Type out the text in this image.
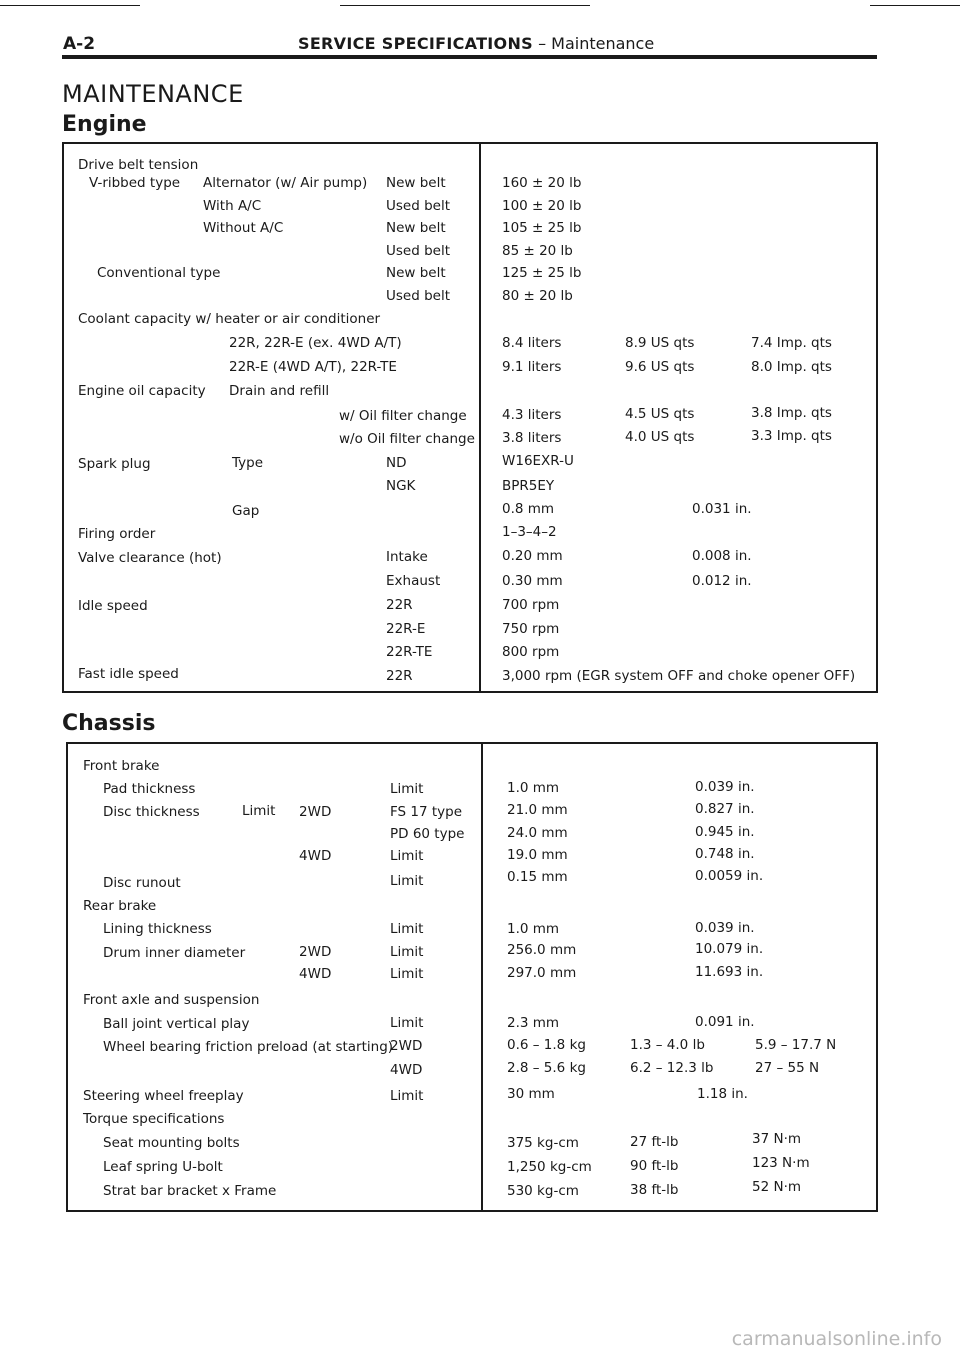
A-2	SERVICE SPECIFICATIONS – Maintenance
MAINTENANCE
Engine
Drive belt tension
V-ribbed type Alternator (w/ Air pump) New belt	160 ± 20 lb
With A/C	Used belt	100 ± 20 lb
Without A/C	New belt	105 ± 25 lb
Used belt	85 ± 20 lb
Conventional type	New belt	125 ± 25 lb
Used belt	80 ± 20 lb
Coolant capacity w/ heater or air conditioner
22R, 22R-E (ex. 4WD A/T)	8.4 liters	8.9 US qts	7.4 Imp. qts
22R-E (4WD A/T), 22R-TE	9.1 liters	9.6 US qts	8.0 Imp. qts
Engine oil capacity Drain and refill
w/ Oil filter change	4.3 liters	4.5 US qts	3.8 Imp. qts
w/o Oil filter change 3.8 liters	4.0 US qts	3.3 Imp. qts
Spark plug	Type	ND	W16EXR-U
NGK	BPR5EY
Gap	0.8 mm	0.031 in.
Firing order	1–3–4–2
Valve clearance (hot)	Intake	0.20 mm	0.008 in.
Exhaust	0.30 mm	0.012 in.
Idle speed	22R	700 rpm
22R-E	750 rpm
22R-TE	800 rpm
Fast idle speed	22R	3,000 rpm (EGR system OFF and choke opener OFF)
Chassis
Front brake
Pad thickness	Limit	1.0 mm	0.039 in.
Disc thickness	Limit 2WD	FS 17 type	21.0 mm	0.827 in.
PD 60 type	24.0 mm	0.945 in.
4WD	Limit	19.0 mm	0.748 in.
Disc runout	Limit	0.15 mm	0.0059 in.
Rear brake
Lining thickness	Limit	1.0 mm	0.039 in.
Drum inner diameter	2WD	Limit	256.0 mm	10.079 in.
4WD	Limit	297.0 mm	11.693 in.
Front axle and suspension
Ball joint vertical play	Limit	2.3 mm	0.091 in.
Wheel bearing friction preload (at starting)
2WD	0.6 – 1.8 kg	1.3 – 4.0 lb	5.9 – 17.7 N
4WD	2.8 – 5.6 kg	6.2 – 12.3 lb	27 – 55 N
Steering wheel freeplay	Limit	30 mm	1.18 in.
Torque specifications
Seat mounting bolts	375 kg-cm	27 ft-lb	37 N·m
Leaf spring U-bolt	1,250 kg-cm	90 ft-lb	123 N·m
Strat bar bracket x Frame	530 kg-cm	38 ft-lb	52 N·m
carmanualsonline.info
